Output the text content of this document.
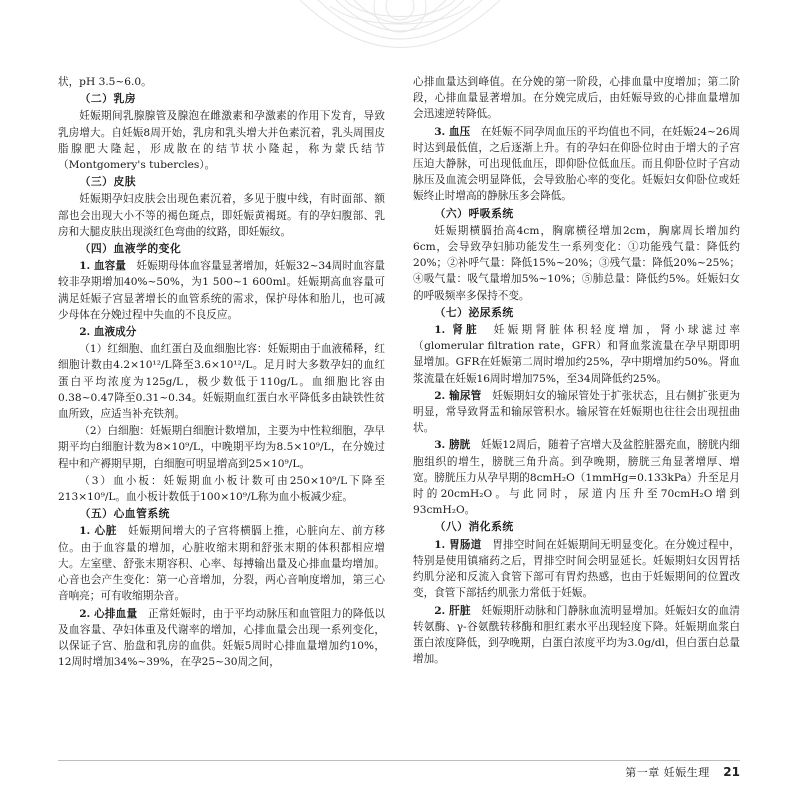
状，pH 3.5~6.0。

（二）乳房

妊娠期间乳腺腺管及腺泡在雌激素和孕激素的作用下发育，导致乳房增大。自妊娠8周开始，乳房和乳头增大并色素沉着，乳头周围皮脂腺肥大隆起，形成散在的结节状小隆起，称为蒙氏结节（Montgomery's tubercles）。

（三）皮肤

妊娠期孕妇皮肤会出现色素沉着，多见于腹中线，有时面部、额部也会出现大小不等的褐色斑点，即妊娠黄褐斑。有的孕妇腹部、乳房和大腿皮肤出现淡红色弯曲的纹路，即妊娠纹。

（四）血液学的变化

1. 血容量  妊娠期母体血容量显著增加，妊娠32~34周时血容量较非孕期增加40%~50%，为1 500~1 600ml。妊娠期高血容量可满足妊娠子宫显著增长的血管系统的需求，保护母体和胎儿，也可减少母体在分娩过程中失血的不良反应。

2. 血液成分 

（1）红细胞、血红蛋白及血细胞比容：妊娠期由于血液稀释，红细胞计数由4.2×10¹²/L降至3.6×10¹²/L。足月时大多数孕妇的血红蛋白平均浓度为125g/L，极少数低于110g/L。血细胞比容由0.38~0.47降至0.31~0.34。妊娠期血红蛋白水平降低多由缺铁性贫血所致，应适当补充铁剂。

（2）白细胞：妊娠期白细胞计数增加，主要为中性粒细胞，孕早期平均白细胞计数为8×10⁹/L，中晚期平均为8.5×10⁹/L，在分娩过程中和产褥期早期，白细胞可明显增高到25×10⁹/L。

（3）血小板：妊娠期血小板计数可由250×10⁹/L下降至213×10⁹/L。血小板计数低于100×10⁹/L称为血小板减少症。

（五）心血管系统

1. 心脏  妊娠期间增大的子宫将横膈上推，心脏向左、前方移位。由于血容量的增加，心脏收缩末期和舒张末期的体积都相应增大。左室壁、舒张末期容积、心率、每搏输出量及心排血量均增加。心音也会产生变化：第一心音增加，分裂，两心音响度增加，第三心音响亮；可有收缩期杂音。

2. 心排血量  正常妊娠时，由于平均动脉压和血管阻力的降低以及血容量、孕妇体重及代谢率的增加，心排血量会出现一系列变化，以保证子宫、胎盘和乳房的血供。妊娠5周时心排血量增加约10%，12周时增加34%~39%，在孕25~30周之间，

心排血量达到峰值。在分娩的第一阶段，心排血量中度增加；第二阶段，心排血量显著增加。在分娩完成后，由妊娠导致的心排血量增加会迅速逆转降低。

3. 血压  在妊娠不同孕周血压的平均值也不同，在妊娠24~26周时达到最低值，之后逐渐上升。有的孕妇在仰卧位时由于增大的子宫压迫大静脉，可出现低血压，即仰卧位低血压。而且仰卧位时子宫动脉压及血流会明显降低，会导致胎心率的变化。妊娠妇女仰卧位或妊娠终止时增高的静脉压多会降低。

（六）呼吸系统

妊娠期横膈抬高4cm，胸廓横径增加2cm，胸廓周长增加约6cm，会导致孕妇肺功能发生一系列变化：①功能残气量：降低约20%；②补呼气量：降低15%~20%；③残气量：降低20%~25%；④吸气量：吸气量增加5%~10%；⑤肺总量：降低约5%。妊娠妇女的呼吸频率多保持不变。

（七）泌尿系统

1. 肾脏  妊娠期肾脏体积轻度增加，肾小球滤过率（glomerular filtration rate，GFR）和肾血浆流量在孕早期即明显增加。GFR在妊娠第二周时增加约25%，孕中期增加约50%。肾血浆流量在妊娠16周时增加75%，至34周降低约25%。

2. 输尿管  妊娠期妇女的输尿管处于扩张状态，且右侧扩张更为明显，常导致肾盂和输尿管积水。输尿管在妊娠期也往往会出现扭曲状。

3. 膀胱  妊娠12周后，随着子宫增大及盆腔脏器充血，膀胱内细胞组织的增生，膀胱三角升高。到孕晚期，膀胱三角显著增厚、增宽。膀胱压力从孕早期的8cmH₂O（1mmHg=0.133kPa）升至足月时的20cmH₂O。与此同时，尿道内压升至70cmH₂O增到93cmH₂O。

（八）消化系统

1. 胃肠道  胃排空时间在妊娠期间无明显变化。在分娩过程中，特别是使用镇痛药之后，胃排空时间会明显延长。妊娠期妇女因胃括约肌分泌和反流入食管下部可有胃灼热感，也由于妊娠期间的位置改变，食管下部括约肌张力常低于妊娠。

2. 肝脏  妊娠期肝动脉和门静脉血流明显增加。妊娠妇女的血清转氨酶、γ-谷氨酰转移酶和胆红素水平出现轻度下降。妊娠期血浆白蛋白浓度降低，到孕晚期，白蛋白浓度平均为3.0g/dl，但白蛋白总量增加。

第一章 妊娠生理 21
